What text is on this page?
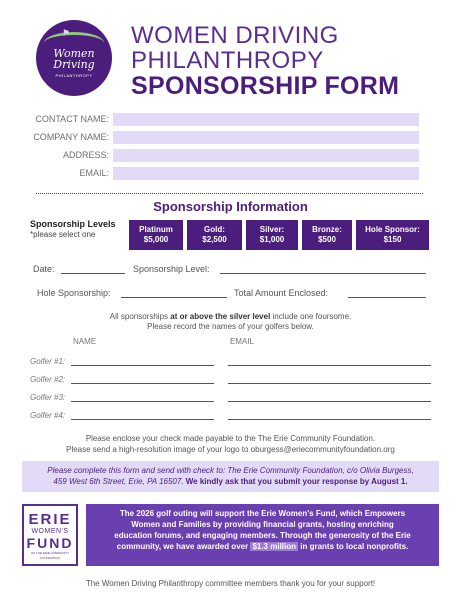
⚑
Women
Driving
PHILANTHROPY
WOMEN DRIVING
PHILANTHROPY
SPONSORSHIP FORM
CONTACT NAME:
COMPANY NAME:
ADDRESS:
EMAIL:
Sponsorship Information
Sponsorship Levels
*please select one
Platinum
$5,000
Gold:
$2,500
Silver:
$1,000
Bronze:
$500
Hole Sponsor:
$150
Date:	Sponsorship Level:
Hole Sponsorship:	Total Amount Enclosed:
All sponsorships at or above the silver level include one foursome.
Please record the names of your golfers below.
NAME	EMAIL
Golfer #1:
Golfer #2:
Golfer #3:
Golfer #4:
Please enclose your check made payable to the The Erie Community Foundation.
Please send a high-resolution image of your logo to oburgess@eriecommunityfoundation.org
Please complete this form and send with check to: The Erie Community Foundation, c/o Olivia Burgess,
459 West 6th Street, Erie, PA 16507. We kindly ask that you submit your response by August 1.
ERIE
WOMEN'S
FUND
OF THE ERIE COMMUNITY FOUNDATION
The 2026 golf outing will support the Erie Women's Fund, which Empowers
Women and Families by providing financial grants, hosting enriching
education forums, and engaging members. Through the generosity of the Erie
community, we have awarded over $1.3 million in grants to local nonprofits.
The Women Driving Philanthropy committee members thank you for your support!
